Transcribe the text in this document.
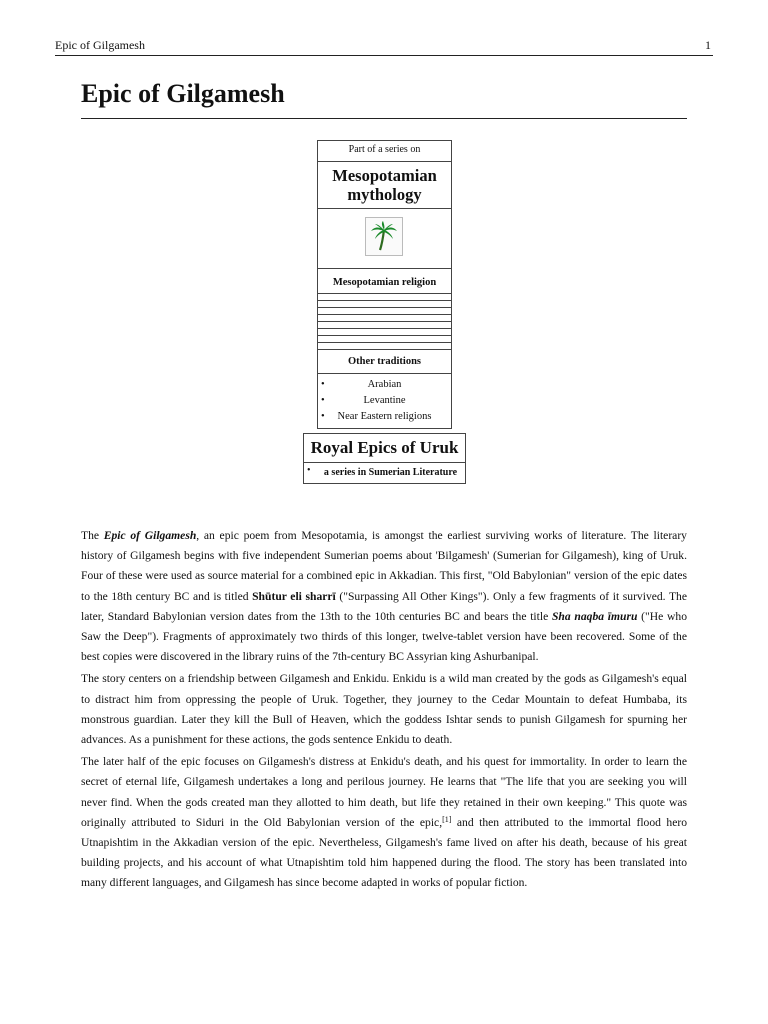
Epic of Gilgamesh	1
Epic of Gilgamesh
Part of a series on
Mesopotamian mythology
Mesopotamian religion
Other traditions
•	Arabian
•	Levantine
• Near Eastern religions
Royal Epics of Uruk
•	a series in Sumerian Literature

The Epic of Gilgamesh, an epic poem from Mesopotamia, is amongst the earliest surviving works of literature. The literary history of Gilgamesh begins with five independent Sumerian poems about 'Bilgamesh' (Sumerian for Gilgamesh), king of Uruk. Four of these were used as source material for a combined epic in Akkadian. This first, "Old Babylonian" version of the epic dates to the 18th century BC and is titled Shūtur eli sharrī ("Surpassing All Other Kings"). Only a few fragments of it survived. The later, Standard Babylonian version dates from the 13th to the 10th centuries BC and bears the title Sha naqba īmuru ("He who Saw the Deep"). Fragments of approximately two thirds of this longer, twelve-tablet version have been recovered. Some of the best copies were discovered in the library ruins of the 7th-century BC Assyrian king Ashurbanipal.

The story centers on a friendship between Gilgamesh and Enkidu. Enkidu is a wild man created by the gods as Gilgamesh's equal to distract him from oppressing the people of Uruk. Together, they journey to the Cedar Mountain to defeat Humbaba, its monstrous guardian. Later they kill the Bull of Heaven, which the goddess Ishtar sends to punish Gilgamesh for spurning her advances. As a punishment for these actions, the gods sentence Enkidu to death.

The later half of the epic focuses on Gilgamesh's distress at Enkidu's death, and his quest for immortality. In order to learn the secret of eternal life, Gilgamesh undertakes a long and perilous journey. He learns that "The life that you are seeking you will never find. When the gods created man they allotted to him death, but life they retained in their own keeping." This quote was originally attributed to Siduri in the Old Babylonian version of the epic,[1] and then attributed to the immortal flood hero Utnapishtim in the Akkadian version of the epic. Nevertheless, Gilgamesh's fame lived on after his death, because of his great building projects, and his account of what Utnapishtim told him happened during the flood. The story has been translated into many different languages, and Gilgamesh has since become adapted in works of popular fiction.
